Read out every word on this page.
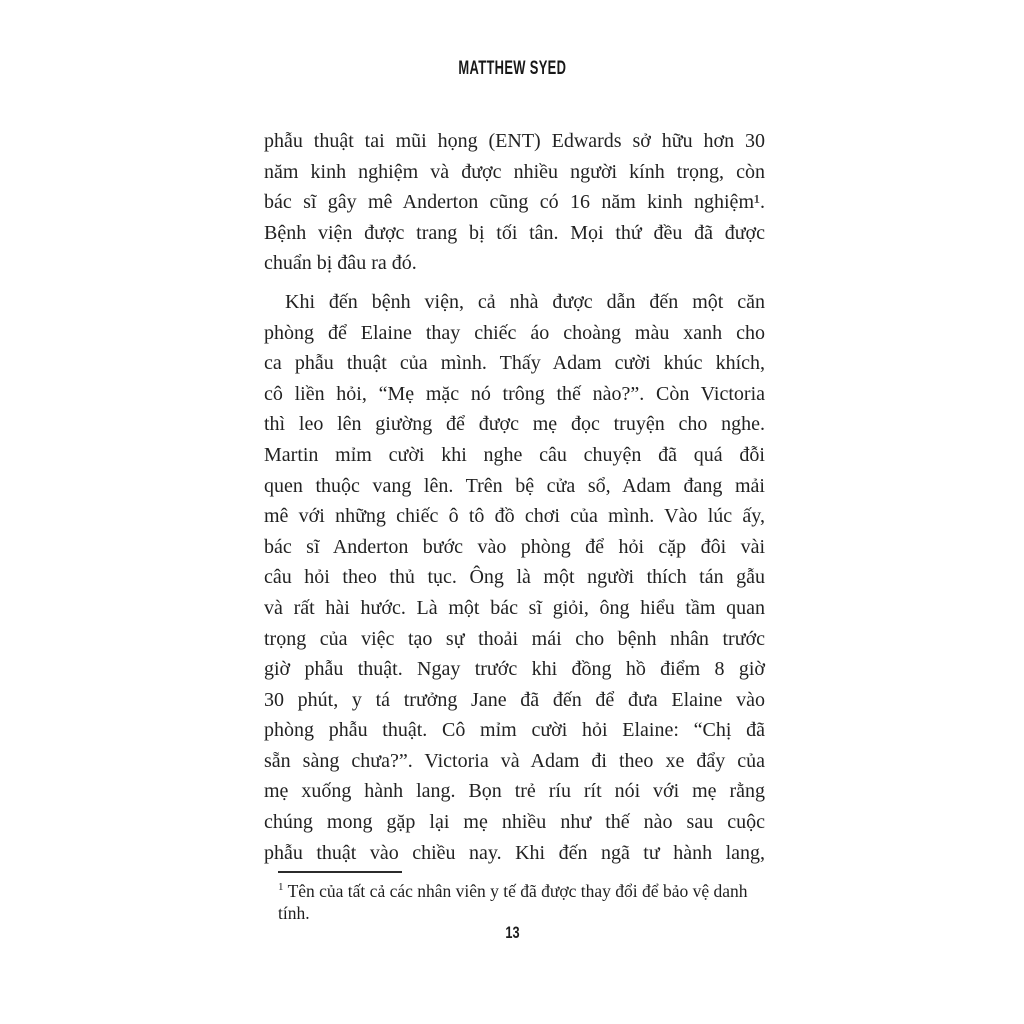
MATTHEW SYED
phẫu thuật tai mũi họng (ENT) Edwards sở hữu hơn 30
năm kinh nghiệm và được nhiều người kính trọng, còn
bác sĩ gây mê Anderton cũng có 16 năm kinh nghiệm¹.
Bệnh viện được trang bị tối tân. Mọi thứ đều đã được
chuẩn bị đâu ra đó.
Khi đến bệnh viện, cả nhà được dẫn đến một căn
phòng để Elaine thay chiếc áo choàng màu xanh cho
ca phẫu thuật của mình. Thấy Adam cười khúc khích,
cô liền hỏi, “Mẹ mặc nó trông thế nào?”. Còn Victoria
thì leo lên giường để được mẹ đọc truyện cho nghe.
Martin mỉm cười khi nghe câu chuyện đã quá đỗi
quen thuộc vang lên. Trên bệ cửa sổ, Adam đang mải
mê với những chiếc ô tô đồ chơi của mình. Vào lúc ấy,
bác sĩ Anderton bước vào phòng để hỏi cặp đôi vài
câu hỏi theo thủ tục. Ông là một người thích tán gẫu
và rất hài hước. Là một bác sĩ giỏi, ông hiểu tầm quan
trọng của việc tạo sự thoải mái cho bệnh nhân trước
giờ phẫu thuật. Ngay trước khi đồng hồ điểm 8 giờ
30 phút, y tá trưởng Jane đã đến để đưa Elaine vào
phòng phẫu thuật. Cô mỉm cười hỏi Elaine: “Chị đã
sẵn sàng chưa?”. Victoria và Adam đi theo xe đẩy của
mẹ xuống hành lang. Bọn trẻ ríu rít nói với mẹ rằng
chúng mong gặp lại mẹ nhiều như thế nào sau cuộc
phẫu thuật vào chiều nay. Khi đến ngã tư hành lang,

$^1$ Tên của tất cả các nhân viên y tế đã được thay đổi để bảo vệ danh tính.

13
